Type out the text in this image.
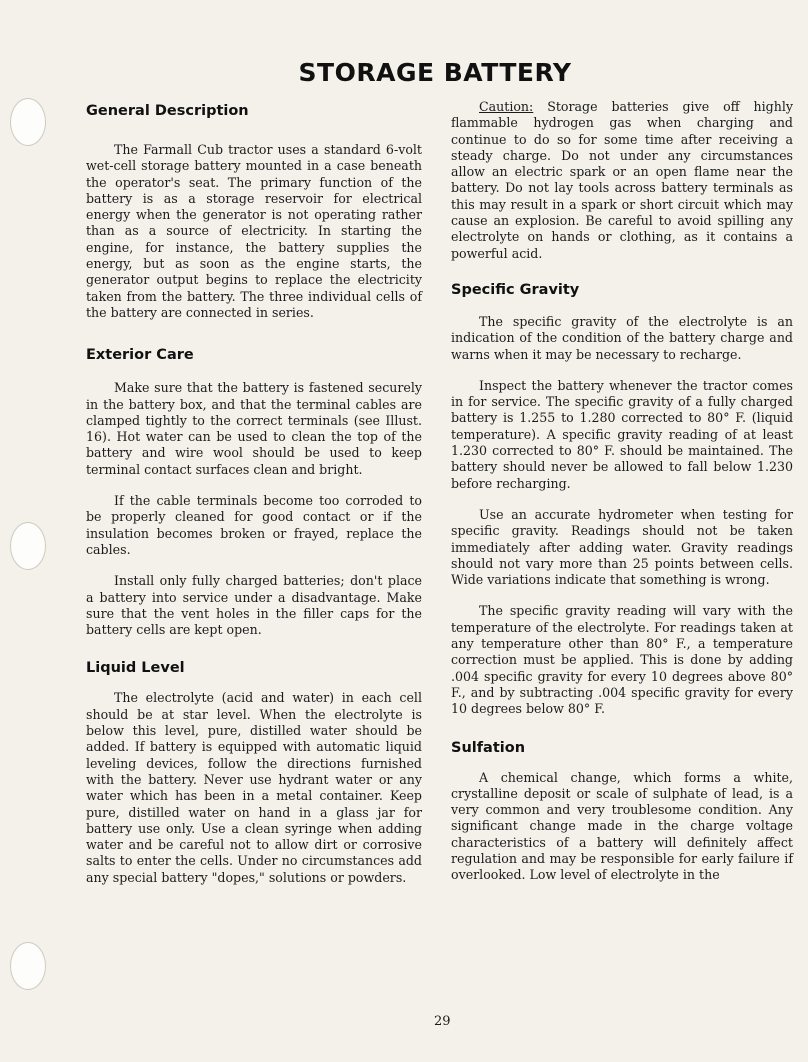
STORAGE BATTERY
General Description

The Farmall Cub tractor uses a standard 6-volt wet-cell storage battery mounted in a case beneath the operator's seat. The primary function of the battery is as a storage reservoir for electrical energy when the generator is not operating rather than as a source of electricity. In starting the engine, for instance, the battery supplies the energy, but as soon as the engine starts, the generator output begins to replace the electricity taken from the battery. The three individual cells of the battery are connected in series.

Exterior Care

Make sure that the battery is fastened securely in the battery box, and that the terminal cables are clamped tightly to the correct terminals (see Illust. 16). Hot water can be used to clean the top of the battery and wire wool should be used to keep terminal contact surfaces clean and bright.

If the cable terminals become too corroded to be properly cleaned for good contact or if the insulation becomes broken or frayed, replace the cables.

Install only fully charged batteries; don't place a battery into service under a disadvantage. Make sure that the vent holes in the filler caps for the battery cells are kept open.

Liquid Level

The electrolyte (acid and water) in each cell should be at star level. When the electrolyte is below this level, pure, distilled water should be added. If battery is equipped with automatic liquid leveling devices, follow the directions furnished with the battery. Never use hydrant water or any water which has been in a metal container. Keep pure, distilled water on hand in a glass jar for battery use only. Use a clean syringe when adding water and be careful not to allow dirt or corrosive salts to enter the cells. Under no circumstances add any special battery "dopes," solutions or powders.

Caution: Storage batteries give off highly flammable hydrogen gas when charging and continue to do so for some time after receiving a steady charge. Do not under any circumstances allow an electric spark or an open flame near the battery. Do not lay tools across battery terminals as this may result in a spark or short circuit which may cause an explosion. Be careful to avoid spilling any electrolyte on hands or clothing, as it contains a powerful acid.

Specific Gravity

The specific gravity of the electrolyte is an indication of the condition of the battery charge and warns when it may be necessary to recharge.

Inspect the battery whenever the tractor comes in for service. The specific gravity of a fully charged battery is 1.255 to 1.280 corrected to 80° F. (liquid temperature). A specific gravity reading of at least 1.230 corrected to 80° F. should be maintained. The battery should never be allowed to fall below 1.230 before recharging.

Use an accurate hydrometer when testing for specific gravity. Readings should not be taken immediately after adding water. Gravity readings should not vary more than 25 points between cells. Wide variations indicate that something is wrong.

The specific gravity reading will vary with the temperature of the electrolyte. For readings taken at any temperature other than 80° F., a temperature correction must be applied. This is done by adding .004 specific gravity for every 10 degrees above 80° F., and by subtracting .004 specific gravity for every 10 degrees below 80° F.

Sulfation

A chemical change, which forms a white, crystalline deposit or scale of sulphate of lead, is a very common and very troublesome condition. Any significant change made in the charge voltage characteristics of a battery will definitely affect regulation and may be responsible for early failure if overlooked. Low level of electrolyte in the

29
